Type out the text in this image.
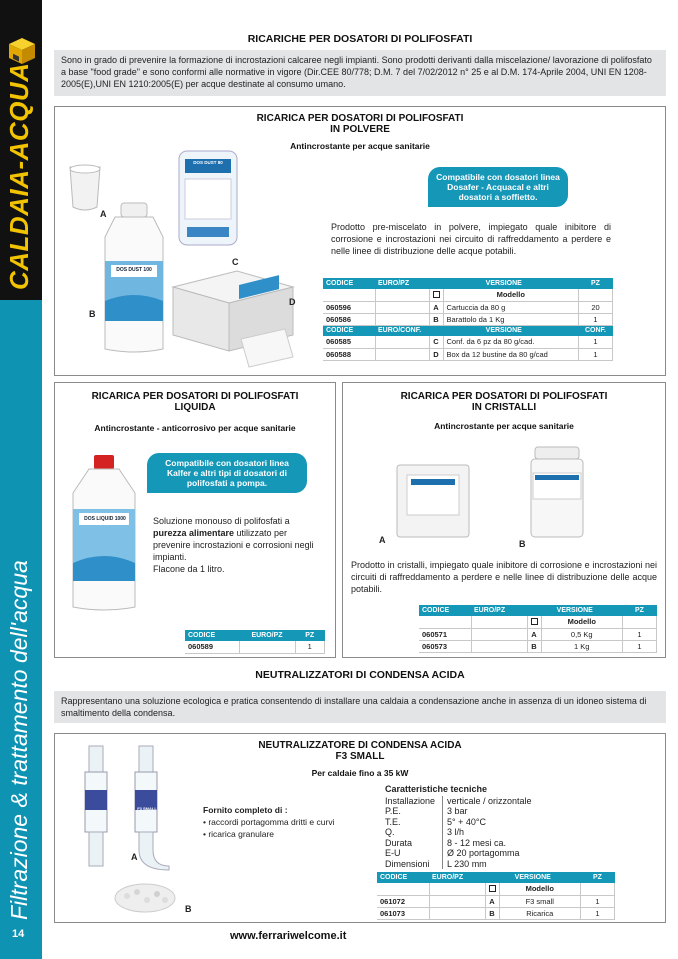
CALDAIA-ACQUA
Filtrazione & trattamento dell'acqua
14
RICARICHE PER DOSATORI DI POLIFOSFATI
Sono in grado di prevenire la formazione di incrostazioni calcaree negli impianti. Sono prodotti derivanti dalla miscelazione/ lavorazione di polifosfato a base "food grade" e sono conformi alle normative in vigore (Dir.CEE 80/778; D.M. 7 del 7/02/2012 n° 25 e al D.M. 174-Aprile 2004, UNI EN 1208-2005(E),UNI EN 1210:2005(E) per acque destinate al consumo umano.
RICARICA PER DOSATORI DI POLIFOSFATI
IN POLVERE
Antincrostante per acque sanitarie
A
DOS DUST 80
C
DOS DUST 100
B
D
Compatibile con dosatori linea Dosafer - Acquacal e altri dosatori a soffietto.
Prodotto pre-miscelato in polvere, impiegato quale inibitore di corrosione e incrostazioni nei circuito di raffreddamento a perdere e nelle linee di distribuzione delle acque potabili.
CODICE	EURO/PZ	VERSIONE		PZ
			Modello	
060596		A	Cartuccia da 80 g	20
060586		B	Barattolo da 1 Kg	1
CODICE	EURO/CONF.	VERSIONE		CONF.
060585		C	Conf. da 6 pz da 80 g/cad.	1
060588		D	Box da 12 bustine da 80 g/cad	1
RICARICA PER DOSATORI DI POLIFOSFATI
LIQUIDA
Antincrostante - anticorrosivo per acque sanitarie
DOS LIQUID 1000
Compatibile con dosatori linea Kalfer e altri tipi di dosatori di polifosfati a pompa.
Soluzione monouso di polifosfati a purezza alimentare utilizzato per prevenire incrostazioni e corrosioni negli impianti.
Flacone da 1 litro.
CODICE	EURO/PZ	PZ
060589		1
RICARICA PER DOSATORI DI POLIFOSFATI
IN CRISTALLI
Antincrostante per acque sanitarie
A	B
Prodotto in cristalli, impiegato quale inibitore di corrosione e incrostazioni nei circuiti di raffreddamento a perdere e nelle linee di distribuzione delle acque potabili.
CODICE	EURO/PZ	VERSIONE		PZ
			Modello	
060571		A	0,5 Kg	1
060573		B	1 Kg	1
NEUTRALIZZATORI DI CONDENSA ACIDA
Rappresentano una soluzione ecologica e pratica consentendo di installare una caldaia a condensazione anche in assenza di un idoneo sistema di smaltimento della condensa.
NEUTRALIZZATORE DI CONDENSA ACIDA
F3 SMALL
Per caldaie fino a 35 kW
F3 SMALL
A
B
Fornito completo di :
• raccordi portagomma dritti e curvi
• ricarica granulare
Caratteristiche tecniche
Installazione	verticale / orizzontale
P.E.	3 bar
T.E.	5° + 40°C
Q.	3 l/h
Durata	8 - 12 mesi ca.
E-U	Ø 20 portagomma
Dimensioni	L 230 mm
CODICE	EURO/PZ	VERSIONE		PZ
			Modello	
061072		A	F3 small	1
061073		B	Ricarica	1
www.ferrariwelcome.it
